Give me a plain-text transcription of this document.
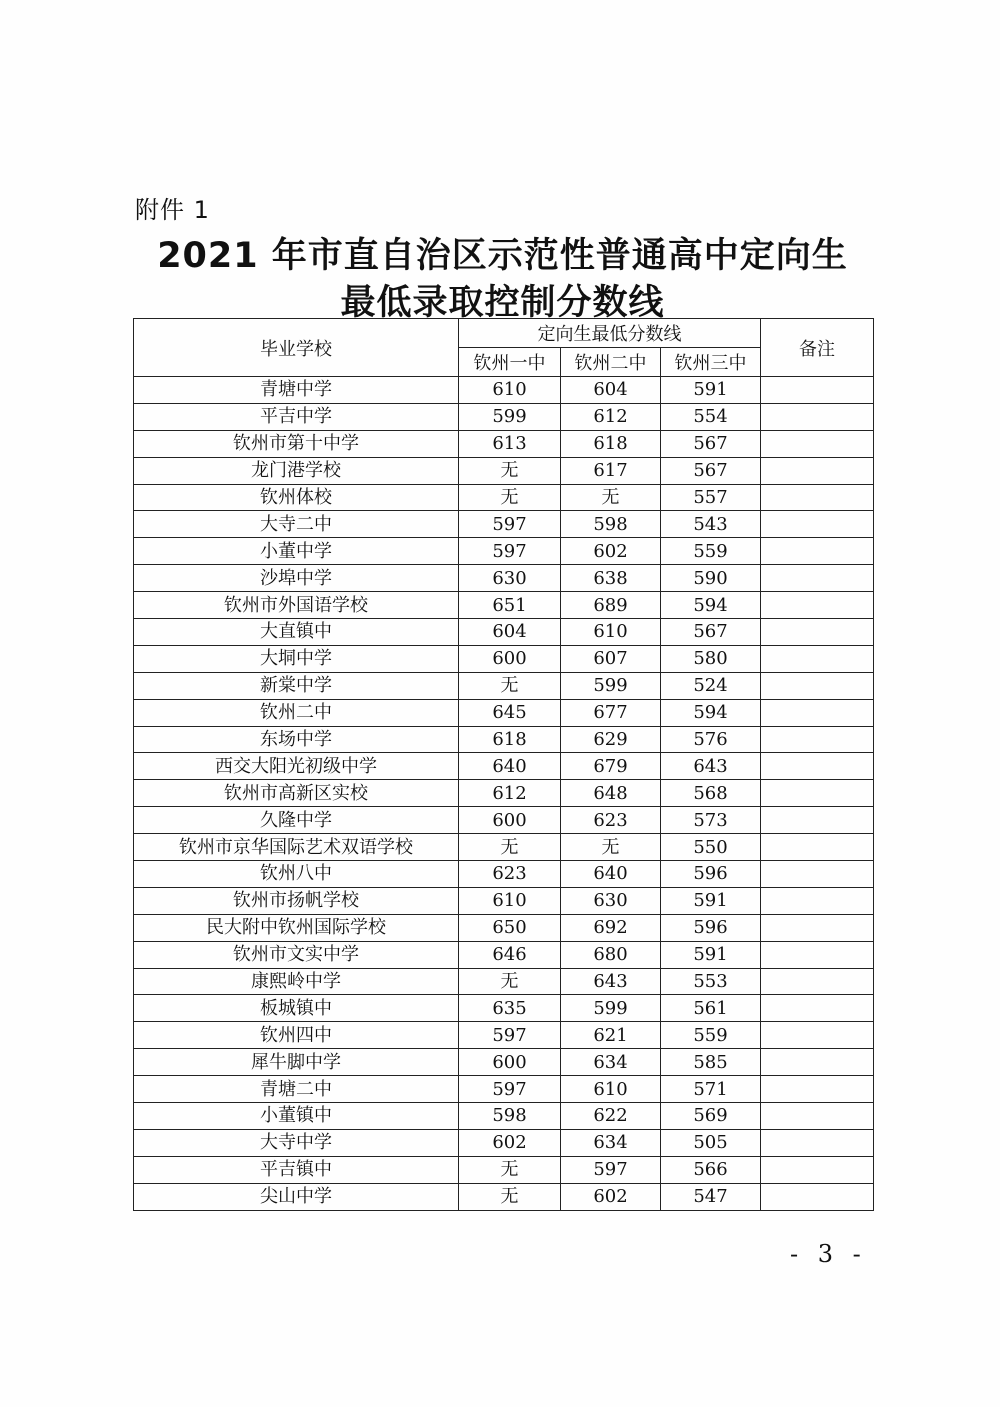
附件 1
2021 年市直自治区示范性普通高中定向生
最低录取控制分数线
毕业学校	定向生最低分数线			备注
	钦州一中	钦州二中	钦州三中	
青塘中学	610	604	591	
平吉中学	599	612	554	
钦州市第十中学	613	618	567	
龙门港学校	无	617	567	
钦州体校	无	无	557	
大寺二中	597	598	543	
小董中学	597	602	559	
沙埠中学	630	638	590	
钦州市外国语学校	651	689	594	
大直镇中	604	610	567	
大垌中学	600	607	580	
新棠中学	无	599	524	
钦州二中	645	677	594	
东场中学	618	629	576	
西交大阳光初级中学	640	679	643	
钦州市高新区实校	612	648	568	
久隆中学	600	623	573	
钦州市京华国际艺术双语学校	无	无	550	
钦州八中	623	640	596	
钦州市扬帆学校	610	630	591	
民大附中钦州国际学校	650	692	596	
钦州市文实中学	646	680	591	
康熙岭中学	无	643	553	
板城镇中	635	599	561	
钦州四中	597	621	559	
犀牛脚中学	600	634	585	
青塘二中	597	610	571	
小董镇中	598	622	569	
大寺中学	602	634	505	
平吉镇中	无	597	566	
尖山中学	无	602	547	
- 3 -
